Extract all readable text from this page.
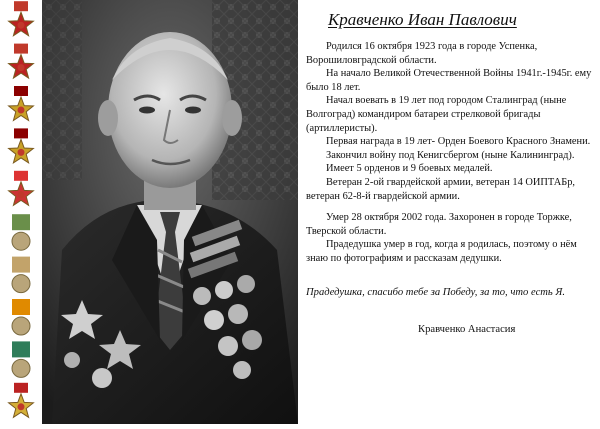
Кравченко Иван Павлович

Родился 16 октября 1923 года в городе Успенка, Ворошиловградской области.

На начало Великой Отечественной Войны 1941г.-1945г. ему было 18 лет.

Начал воевать в 19 лет под городом Сталинград (ныне Волгоград) командиром батареи стрелковой бригады (артиллеристы).

Первая награда в 19 лет- Орден Боевого Красного Знамени.

Закончил войну под Кенигсбергом (ныне Калининград).

Имеет 5 орденов и 9 боевых медалей.

Ветеран 2-ой гвардейской армии, ветеран 14 ОИПТАБр, ветеран 62-8-й гвардейской армии.

Умер 28 октября 2002 года. Захоронен в городе Торжке, Тверской области.

Прадедушка умер в год, когда я родилась, поэтому о нём знаю по фотографиям и рассказам дедушки.

Прадедушка, спасибо тебе за Победу, за то, что есть Я.

Кравченко Анастасия
